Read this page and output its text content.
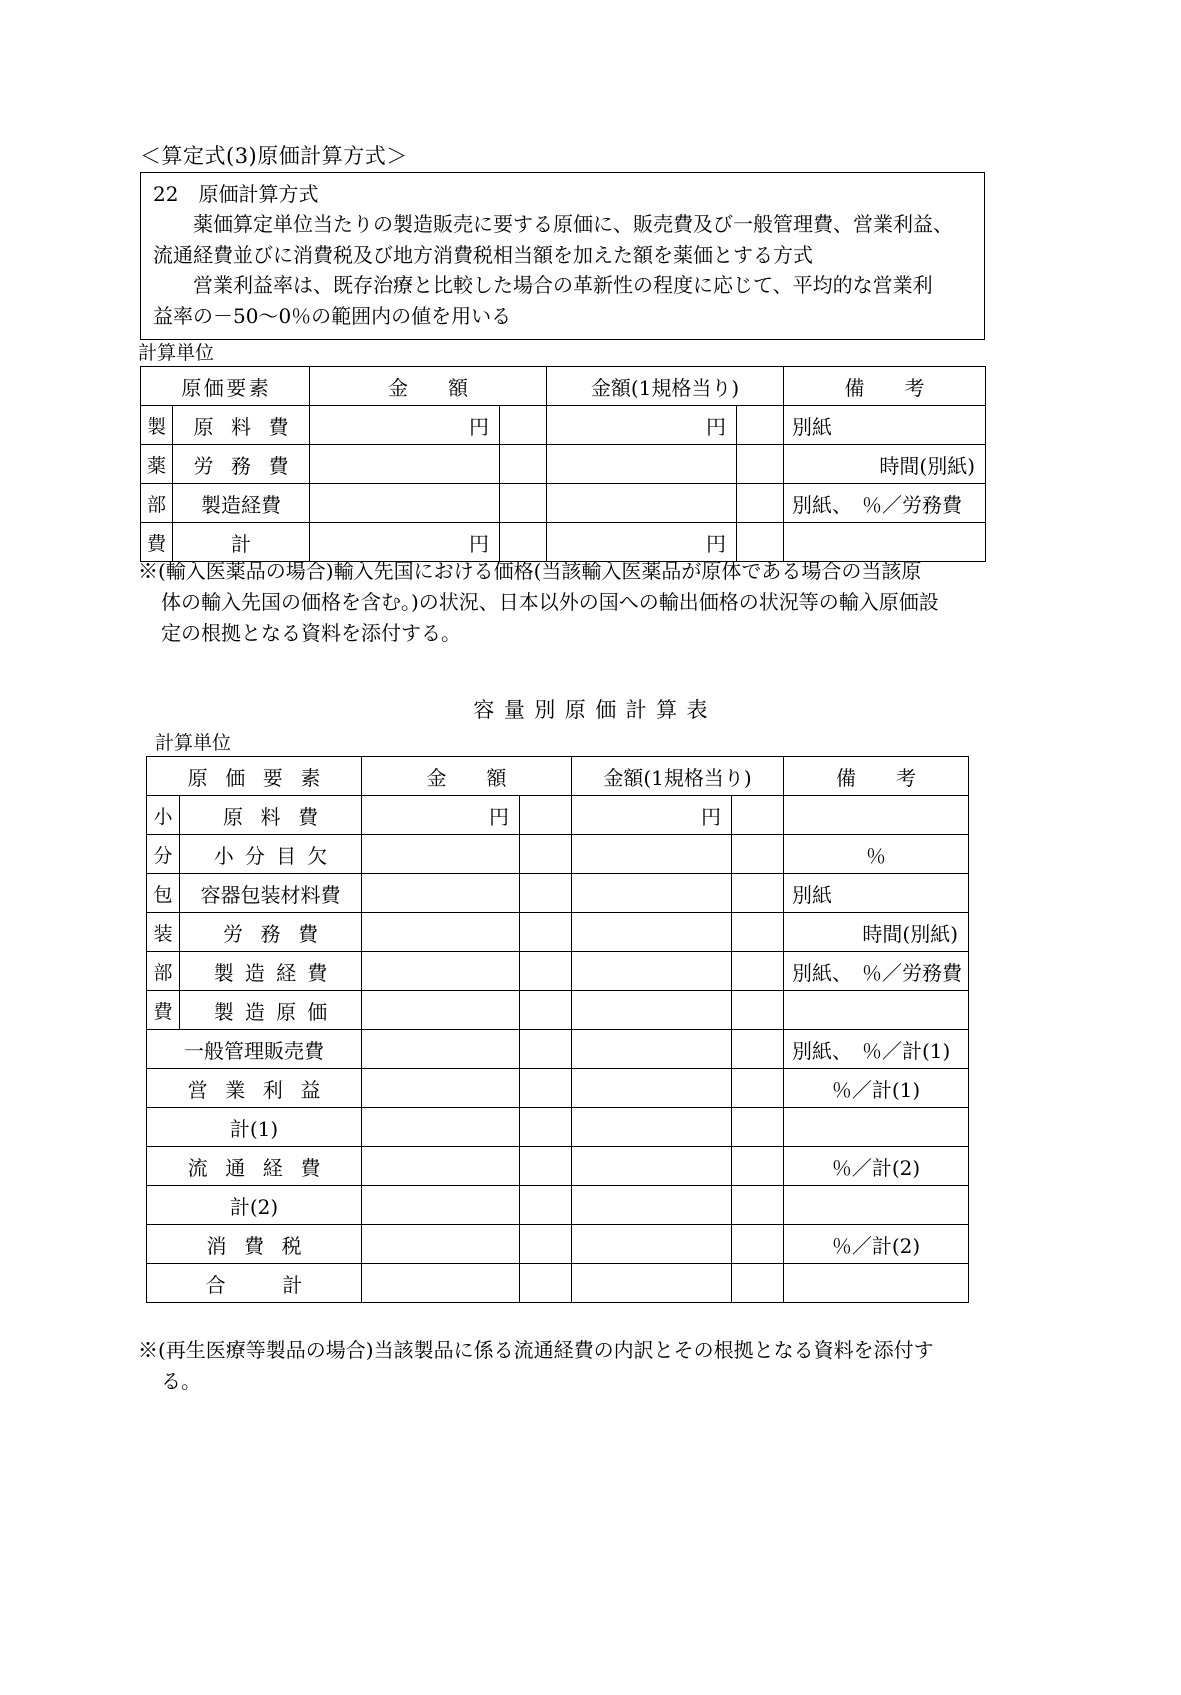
＜算定式(3)原価計算方式＞

22　原価計算方式

薬価算定単位当たりの製造販売に要する原価に、販売費及び一般管理費、営業利益、

流通経費並びに消費税及び地方消費税相当額を加えた額を薬価とする方式

営業利益率は、既存治療と比較した場合の革新性の程度に応じて、平均的な営業利

益率の－50〜0％の範囲内の値を用いる

計算単位
原価要素		金　　額		金額(1規格当り)		備　　考
製	原 料 費	円		円		別紙
薬	労 務 費					時間(別紙)
部	製造経費					別紙、　％／労務費
費	計	円		円		

※(輸入医薬品の場合)輸入先国における価格(当該輸入医薬品が原体である場合の当該原

体の輸入先国の価格を含む。)の状況、日本以外の国への輸出価格の状況等の輸入原価設

定の根拠となる資料を添付する。

容量別原価計算表
計算単位
原 価 要 素		金　　額		金額(1規格当り)		備　　考
小	原 料 費	円		円		
分	小 分 目 欠					％
包	容器包装材料費					別紙
装	労 務 費					時間(別紙)
部	製 造 経 費					別紙、　％／労務費
費	製 造 原 価					
一般管理販売費						別紙、　％／計(1)
営 業 利 益						％／計(1)
計(1)						
流 通 経 費						％／計(2)
計(2)						
消 費 税						％／計(2)
合　　計						

※(再生医療等製品の場合)当該製品に係る流通経費の内訳とその根拠となる資料を添付す

る。
